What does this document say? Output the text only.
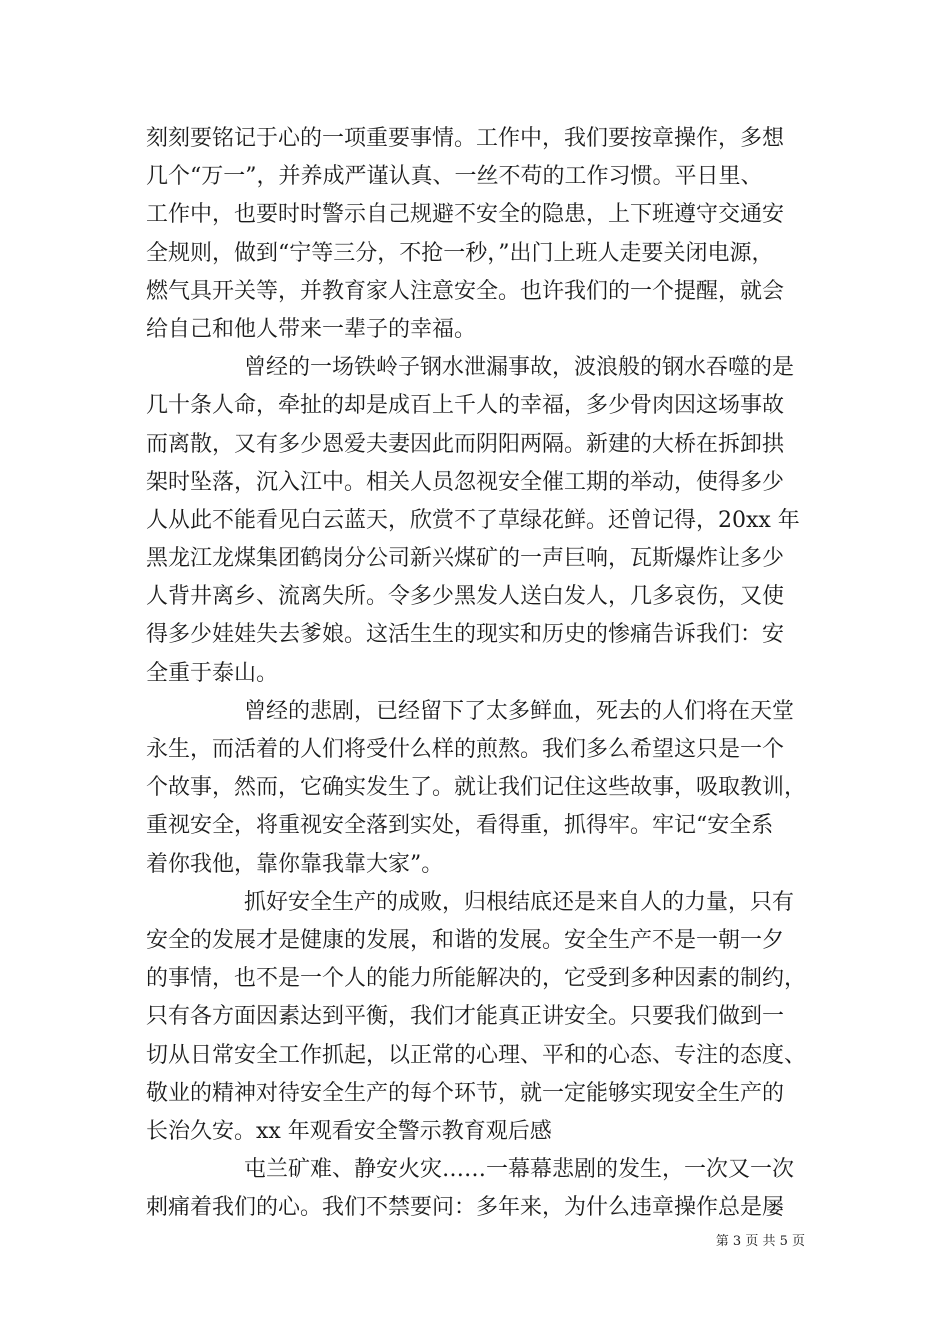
刻刻要铭记于心的一项重要事情。工作中，我们要按章操作，多想
几个“万一”，并养成严谨认真、一丝不苟的工作习惯。平日里、
工作中，也要时时警示自己规避不安全的隐患，上下班遵守交通安
全规则，做到“宁等三分，不抢一秒，”出门上班人走要关闭电源，
燃气具开关等，并教育家人注意安全。也许我们的一个提醒，就会
给自己和他人带来一辈子的幸福。
曾经的一场铁岭子钢水泄漏事故，波浪般的钢水吞噬的是
几十条人命，牵扯的却是成百上千人的幸福，多少骨肉因这场事故
而离散，又有多少恩爱夫妻因此而阴阳两隔。新建的大桥在拆卸拱
架时坠落，沉入江中。相关人员忽视安全催工期的举动，使得多少
人从此不能看见白云蓝天，欣赏不了草绿花鲜。还曾记得，20xx 年
黑龙江龙煤集团鹤岗分公司新兴煤矿的一声巨响，瓦斯爆炸让多少
人背井离乡、流离失所。令多少黑发人送白发人，几多哀伤，又使
得多少娃娃失去爹娘。这活生生的现实和历史的惨痛告诉我们：安
全重于泰山。
曾经的悲剧，已经留下了太多鲜血，死去的人们将在天堂
永生，而活着的人们将受什么样的煎熬。我们多么希望这只是一个
个故事，然而，它确实发生了。就让我们记住这些故事，吸取教训，
重视安全，将重视安全落到实处，看得重，抓得牢。牢记“安全系
着你我他，靠你靠我靠大家”。
抓好安全生产的成败，归根结底还是来自人的力量，只有
安全的发展才是健康的发展，和谐的发展。安全生产不是一朝一夕
的事情，也不是一个人的能力所能解决的，它受到多种因素的制约，
只有各方面因素达到平衡，我们才能真正讲安全。只要我们做到一
切从日常安全工作抓起，以正常的心理、平和的心态、专注的态度、
敬业的精神对待安全生产的每个环节，就一定能够实现安全生产的
长治久安。xx 年观看安全警示教育观后感
屯兰矿难、静安火灾……一幕幕悲剧的发生，一次又一次
刺痛着我们的心。我们不禁要问：多年来，为什么违章操作总是屡
第 3 页 共 5 页
